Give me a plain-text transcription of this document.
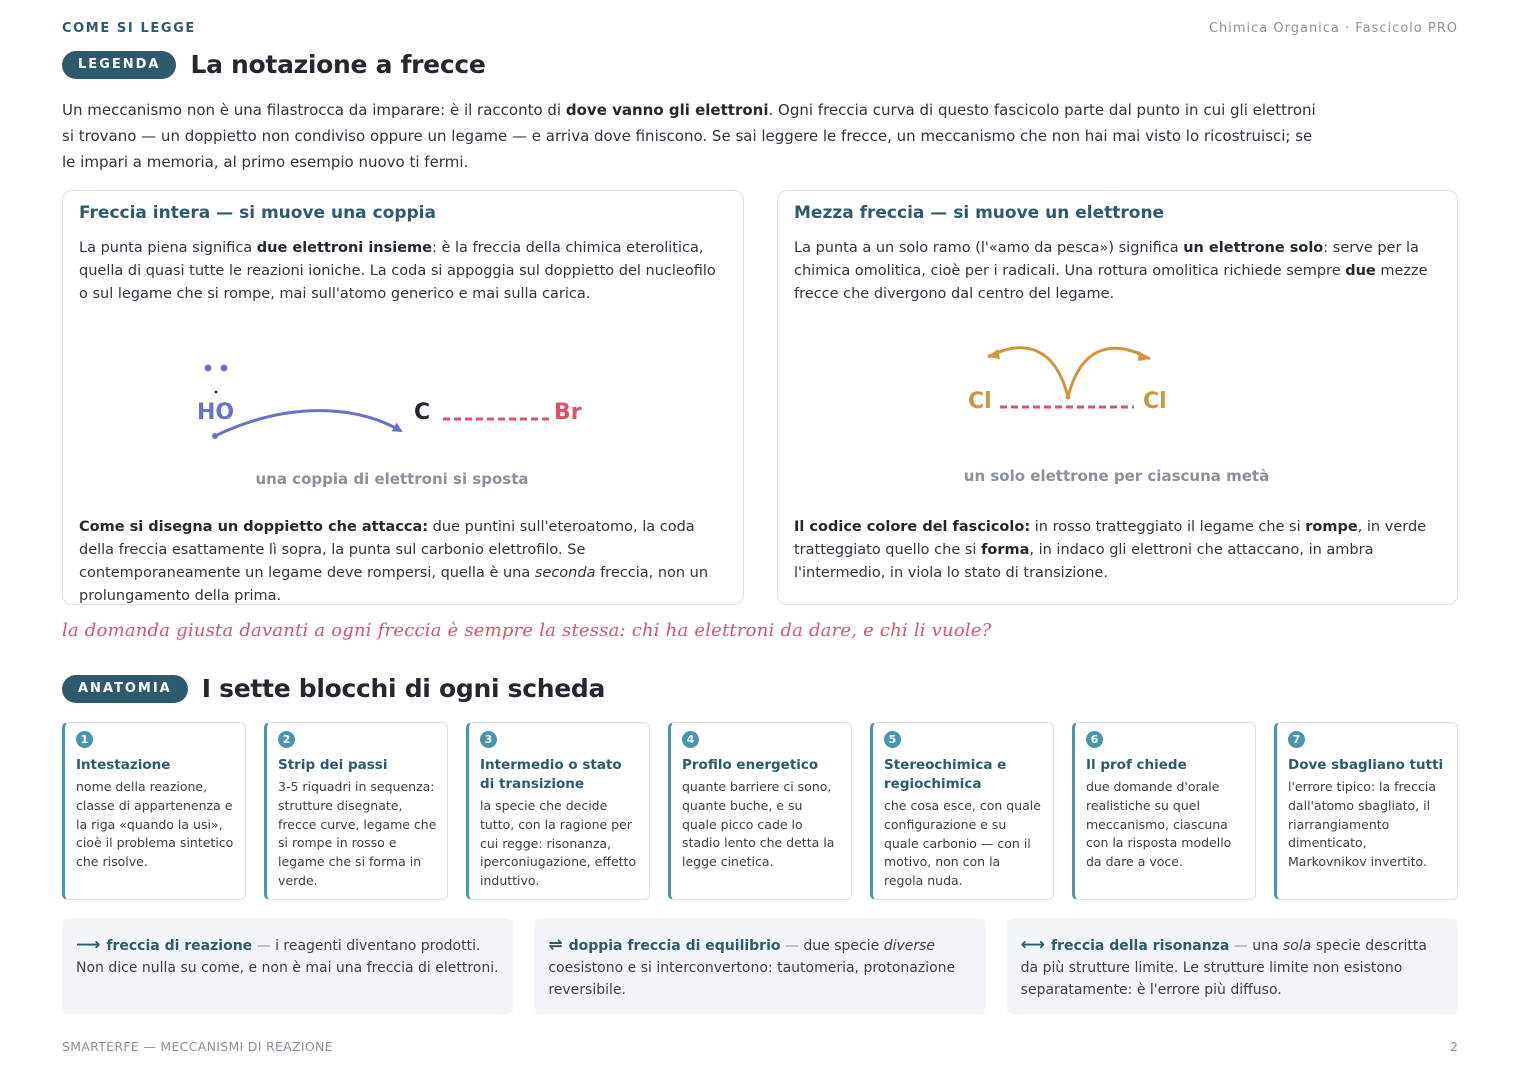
COME SI LEGGE	Chimica Organica · Fascicolo PRO
LEGENDA	La notazione a frecce
Un meccanismo non è una filastrocca da imparare: è il racconto di dove vanno gli elettroni. Ogni freccia curva di questo fascicolo parte dal punto in cui gli elettroni si trovano — un doppietto non condiviso oppure un legame — e arriva dove finiscono. Se sai leggere le frecce, un meccanismo che non hai mai visto lo ricostruisci; se le impari a memoria, al primo esempio nuovo ti fermi.
Freccia intera — si muove una coppia
La punta piena significa due elettroni insieme: è la freccia della chimica eterolitica, quella di quasi tutte le reazioni ioniche. La coda si appoggia sul doppietto del nucleofilo o sul legame che si rompe, mai sull'atomo generico e mai sulla carica.
HO	C	Br
una coppia di elettroni si sposta
Come si disegna un doppietto che attacca: due puntini sull'eteroatomo, la coda della freccia esattamente lì sopra, la punta sul carbonio elettrofilo. Se contemporaneamente un legame deve rompersi, quella è una seconda freccia, non un prolungamento della prima.
Mezza freccia — si muove un elettrone
La punta a un solo ramo (l'«amo da pesca») significa un elettrone solo: serve per la chimica omolitica, cioè per i radicali. Una rottura omolitica richiede sempre due mezze frecce che divergono dal centro del legame.
Cl	Cl
un solo elettrone per ciascuna metà
Il codice colore del fascicolo: in rosso tratteggiato il legame che si rompe, in verde tratteggiato quello che si forma, in indaco gli elettroni che attaccano, in ambra l'intermedio, in viola lo stato di transizione.
la domanda giusta davanti a ogni freccia è sempre la stessa: chi ha elettroni da dare, e chi li vuole?
ANATOMIA	I sette blocchi di ogni scheda
1
Intestazione
nome della reazione, classe di appartenenza e la riga «quando la usi», cioè il problema sintetico che risolve.
2
Strip dei passi
3-5 riquadri in sequenza: strutture disegnate, frecce curve, legame che si rompe in rosso e legame che si forma in verde.
3
Intermedio o stato di transizione
la specie che decide tutto, con la ragione per cui regge: risonanza, iperconiugazione, effetto induttivo.
4
Profilo energetico
quante barriere ci sono, quante buche, e su quale picco cade lo stadio lento che detta la legge cinetica.
5
Stereochimica e regiochimica
che cosa esce, con quale configurazione e su quale carbonio — con il motivo, non con la regola nuda.
6
Il prof chiede
due domande d'orale realistiche su quel meccanismo, ciascuna con la risposta modello da dare a voce.
7
Dove sbagliano tutti
l'errore tipico: la freccia dall'atomo sbagliato, il riarrangiamento dimenticato, Markovnikov invertito.
⟶ freccia di reazione — i reagenti diventano prodotti. Non dice nulla su come, e non è mai una freccia di elettroni.
⇌ doppia freccia di equilibrio — due specie diverse coesistono e si interconvertono: tautomeria, protonazione reversibile.
⟷ freccia della risonanza — una sola specie descritta da più strutture limite. Le strutture limite non esistono separatamente: è l'errore più diffuso.
SMARTERFE — MECCANISMI DI REAZIONE	2
